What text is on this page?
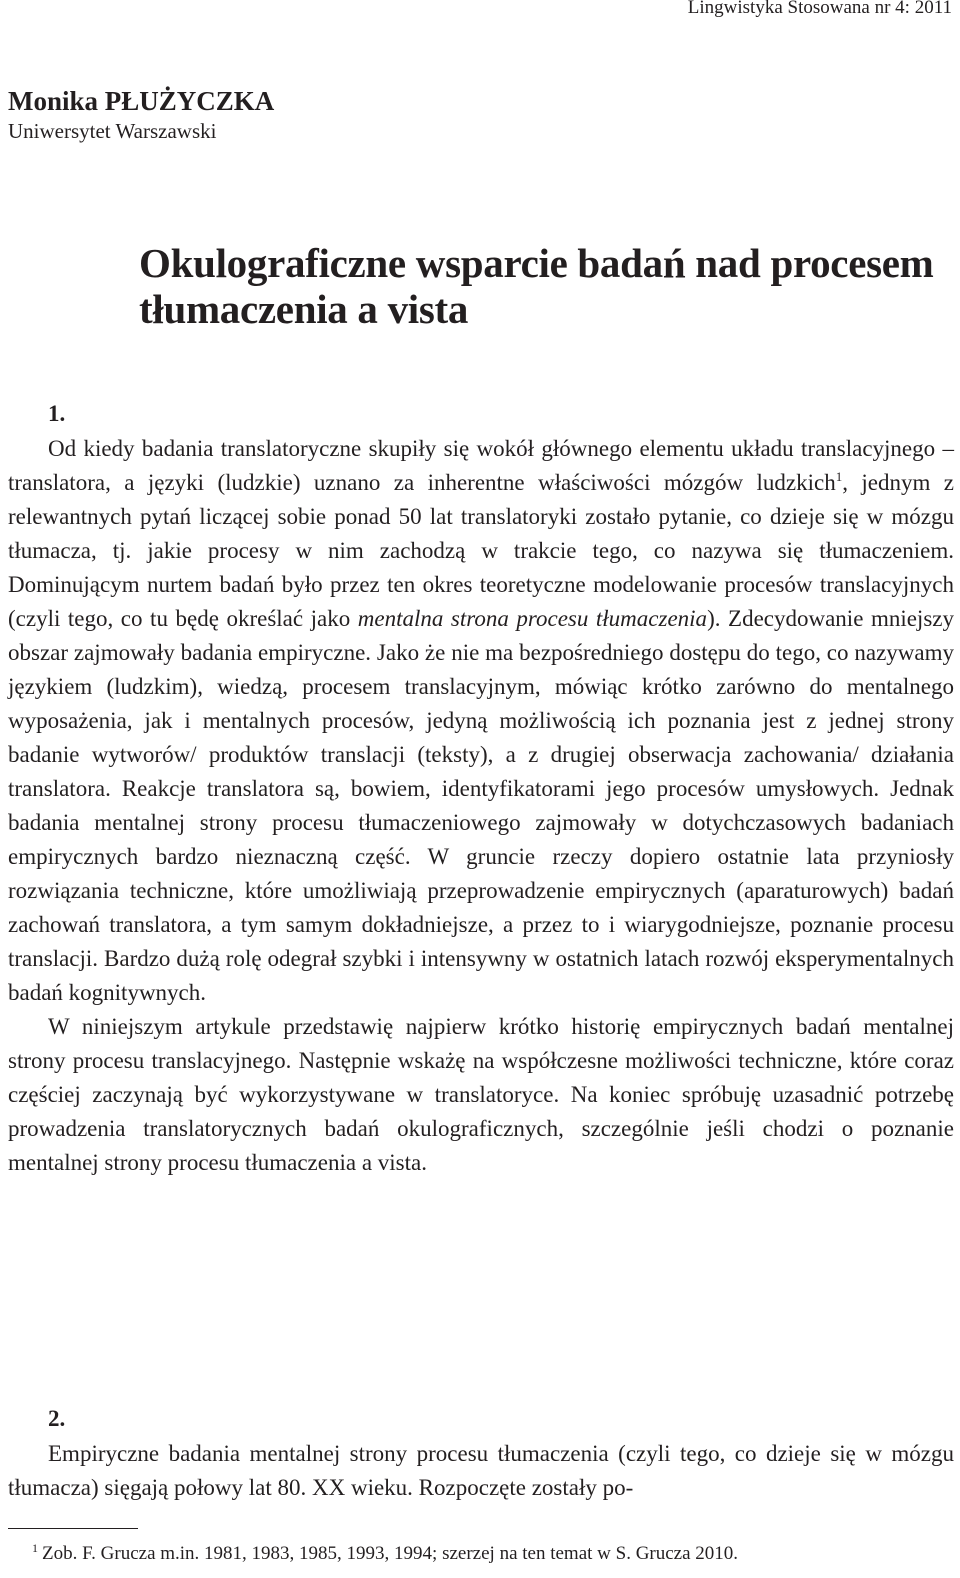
Lingwistyka Stosowana nr 4: 2011
Monika PŁUŻYCZKA
Uniwersytet Warszawski
Okulograficzne wsparcie badań nad procesem
tłumaczenia a vista
1.

Od kiedy badania translatoryczne skupiły się wokół głównego elementu układu translacyjnego – translatora, a języki (ludzkie) uznano za inherentne właściwości mózgów ludzkich$^1$, jednym z relewantnych pytań liczącej sobie ponad 50 lat translatoryki zostało pytanie, co dzieje się w mózgu tłumacza, tj. jakie procesy w nim zachodzą w trakcie tego, co nazywa się tłumaczeniem. Dominującym nurtem badań było przez ten okres teoretyczne modelowanie procesów translacyjnych (czyli tego, co tu będę określać jako mentalna strona procesu tłumaczenia). Zdecydowanie mniejszy obszar zajmowały badania empiryczne. Jako że nie ma bezpośredniego dostępu do tego, co nazywamy językiem (ludzkim), wiedzą, procesem translacyjnym, mówiąc krótko zarówno do mentalnego wyposażenia, jak i mentalnych procesów, jedyną możliwością ich poznania jest z jednej strony badanie wytworów/ produktów translacji (teksty), a z drugiej obserwacja zachowania/ działania translatora. Reakcje translatora są, bowiem, identyfikatorami jego procesów umysłowych. Jednak badania mentalnej strony procesu tłumaczeniowego zajmowały w dotychczasowych badaniach empirycznych bardzo nieznaczną część. W gruncie rzeczy dopiero ostatnie lata przyniosły rozwiązania techniczne, które umożliwiają przeprowadzenie empirycznych (aparaturowych) badań zachowań translatora, a tym samym dokładniejsze, a przez to i wiarygodniejsze, poznanie procesu translacji. Bardzo dużą rolę odegrał szybki i intensywny w ostatnich latach rozwój eksperymentalnych badań kognitywnych.

W niniejszym artykule przedstawię najpierw krótko historię empirycznych badań mentalnej strony procesu translacyjnego. Następnie wskażę na współczesne możliwości techniczne, które coraz częściej zaczynają być wykorzystywane w translatoryce. Na koniec spróbuję uzasadnić potrzebę prowadzenia translatorycznych badań okulograficznych, szczególnie jeśli chodzi o poznanie mentalnej strony procesu tłumaczenia a vista.

2.

Empiryczne badania mentalnej strony procesu tłumaczenia (czyli tego, co dzieje się w mózgu tłumacza) sięgają połowy lat 80. XX wieku. Rozpoczęte zostały po-

$^1$ Zob. F. Grucza m.in. 1981, 1983, 1985, 1993, 1994; szerzej na ten temat w S. Grucza 2010.
